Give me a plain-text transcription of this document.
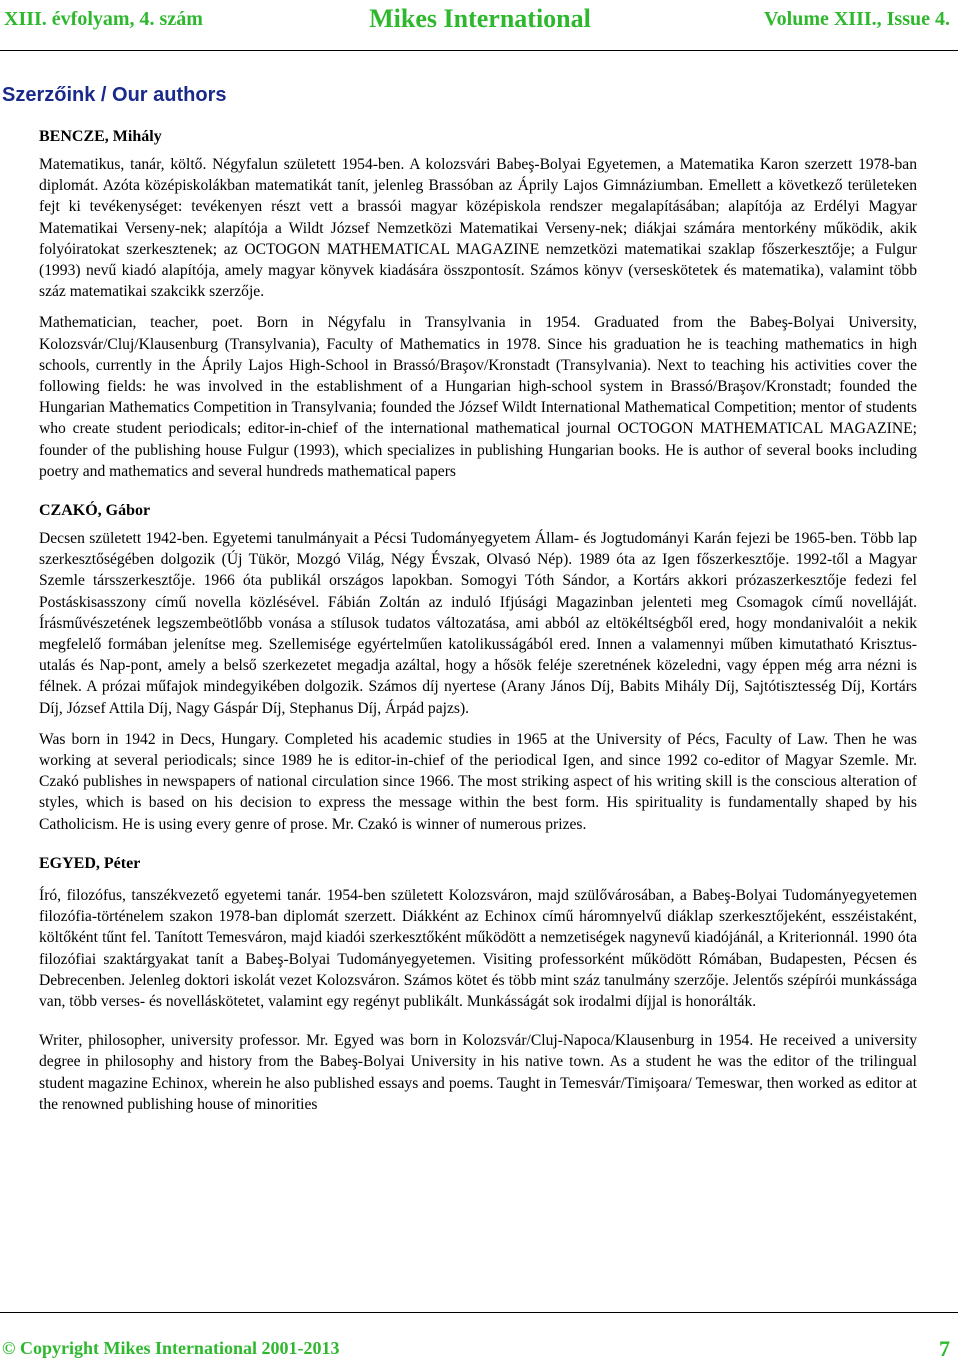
XIII. évfolyam, 4. szám	Mikes International	Volume XIII., Issue 4.
Szerzőink / Our authors
BENCZE, Mihály

Matematikus, tanár, költő. Négyfalun született 1954-ben. A kolozsvári Babeş-Bolyai Egyetemen, a Matematika Karon szerzett 1978-ban diplomát. Azóta középiskolákban matematikát tanít, jelenleg Brassóban az Áprily Lajos Gimnáziumban. Emellett a következő területeken fejt ki tevékenységet: tevékenyen részt vett a brassói magyar középiskola rendszer megalapításában; alapítója az Erdélyi Magyar Matematikai Verseny-nek; alapítója a Wildt József Nemzetközi Matematikai Verseny-nek; diákjai számára mentorkény működik, akik folyóiratokat szerkesztenek; az OCTOGON MATHEMATICAL MAGAZINE nemzetközi matematikai szaklap főszerkesztője; a Fulgur (1993) nevű kiadó alapítója, amely magyar könyvek kiadására összpontosít. Számos könyv (verseskötetek és matematika), valamint több száz matematikai szakcikk szerzője.

Mathematician, teacher, poet. Born in Négyfalu in Transylvania in 1954. Graduated from the Babeş-Bolyai University, Kolozsvár/Cluj/Klausenburg (Transylvania), Faculty of Mathematics in 1978. Since his graduation he is teaching mathematics in high schools, currently in the Áprily Lajos High-School in Brassó/Braşov/Kronstadt (Transylvania). Next to teaching his activities cover the following fields: he was involved in the establishment of a Hungarian high-school system in Brassó/Braşov/Kronstadt; founded the Hungarian Mathematics Competition in Transylvania; founded the József Wildt International Mathematical Competition; mentor of students who create student periodicals; editor-in-chief of the international mathematical journal OCTOGON MATHEMATICAL MAGAZINE; founder of the publishing house Fulgur (1993), which specializes in publishing Hungarian books. He is author of several books including poetry and mathematics and several hundreds mathematical papers

CZAKÓ, Gábor

Decsen született 1942-ben. Egyetemi tanulmányait a Pécsi Tudományegyetem Állam- és Jogtudományi Karán fejezi be 1965-ben. Több lap szerkesztőségében dolgozik (Új Tükör, Mozgó Világ, Négy Évszak, Olvasó Nép). 1989 óta az Igen főszerkesztője. 1992-től a Magyar Szemle társszerkesztője. 1966 óta publikál országos lapokban. Somogyi Tóth Sándor, a Kortárs akkori prózaszerkesztője fedezi fel Postáskisasszony című novella közlésével. Fábián Zoltán az induló Ifjúsági Magazinban jelenteti meg Csomagok című novelláját. Írásművészetének legszembeötlőbb vonása a stílusok tudatos változatása, ami abból az eltökéltségből ered, hogy mondanivalóit a nekik megfelelő formában jelenítse meg. Szellemisége egyértelműen katolikusságából ered. Innen a valamennyi műben kimutatható Krisztus-utalás és Nap-pont, amely a belső szerkezetet megadja azáltal, hogy a hősök feléje szeretnének közeledni, vagy éppen még arra nézni is félnek. A prózai műfajok mindegyikében dolgozik. Számos díj nyertese (Arany János Díj, Babits Mihály Díj, Sajtótisztesség Díj, Kortárs Díj, József Attila Díj, Nagy Gáspár Díj, Stephanus Díj, Árpád pajzs).

Was born in 1942 in Decs, Hungary. Completed his academic studies in 1965 at the University of Pécs, Faculty of Law. Then he was working at several periodicals; since 1989 he is editor-in-chief of the periodical Igen, and since 1992 co-editor of Magyar Szemle. Mr. Czakó publishes in newspapers of national circulation since 1966. The most striking aspect of his writing skill is the conscious alteration of styles, which is based on his decision to express the message within the best form. His spirituality is fundamentally shaped by his Catholicism. He is using every genre of prose. Mr. Czakó is winner of numerous prizes.

EGYED, Péter

Író, filozófus, tanszékvezető egyetemi tanár. 1954-ben született Kolozsváron, majd szülővárosában, a Babeş-Bolyai Tudományegyetemen filozófia-történelem szakon 1978-ban diplomát szerzett. Diákként az Echinox című háromnyelvű diáklap szerkesztőjeként, esszéistaként, költőként tűnt fel. Tanított Temesváron, majd kiadói szerkesztőként működött a nemzetiségek nagynevű kiadójánál, a Kriterionnál. 1990 óta filozófiai szaktárgyakat tanít a Babeş-Bolyai Tudományegyetemen. Visiting professorként működött Rómában, Budapesten, Pécsen és Debrecenben. Jelenleg doktori iskolát vezet Kolozsváron. Számos kötet és több mint száz tanulmány szerzője. Jelentős szépírói munkássága van, több verses- és novelláskötetet, valamint egy regényt publikált. Munkásságát sok irodalmi díjjal is honorálták.

Writer, philosopher, university professor. Mr. Egyed was born in Kolozsvár/Cluj-Napoca/Klausenburg in 1954. He received a university degree in philosophy and history from the Babeş-Bolyai University in his native town. As a student he was the editor of the trilingual student magazine Echinox, wherein he also published essays and poems. Taught in Temesvár/Timişoara/ Temeswar, then worked as editor at the renowned publishing house of minorities

© Copyright Mikes International 2001-2013	7
